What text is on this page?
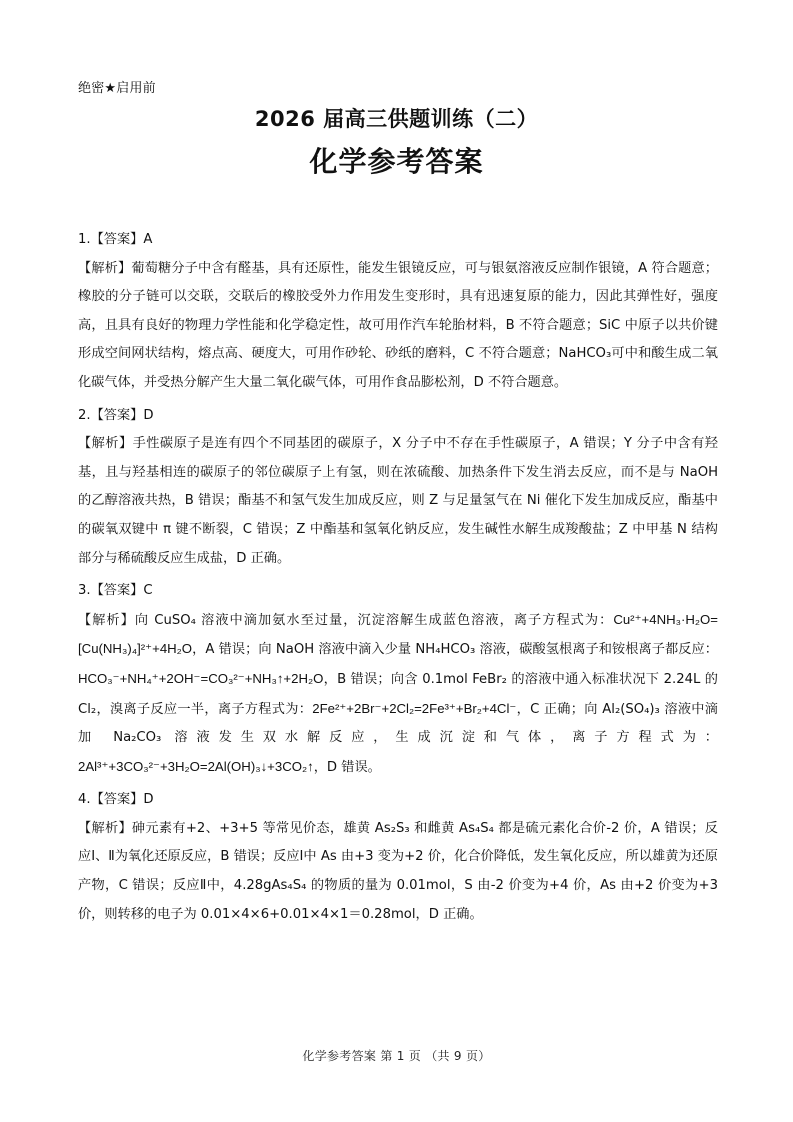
绝密★启用前
2026 届高三供题训练（二）
化学参考答案

1.【答案】A

【解析】葡萄糖分子中含有醛基，具有还原性，能发生银镜反应，可与银氨溶液反应制作银镜，A 符合题意；橡胶的分子链可以交联，交联后的橡胶受外力作用发生变形时，具有迅速复原的能力，因此其弹性好，强度高，且具有良好的物理力学性能和化学稳定性，故可用作汽车轮胎材料，B 不符合题意；SiC 中原子以共价键形成空间网状结构，熔点高、硬度大，可用作砂轮、砂纸的磨料，C 不符合题意；NaHCO₃可中和酸生成二氧化碳气体，并受热分解产生大量二氧化碳气体，可用作食品膨松剂，D 不符合题意。

2.【答案】D

【解析】手性碳原子是连有四个不同基团的碳原子，X 分子中不存在手性碳原子，A 错误；Y 分子中含有羟基，且与羟基相连的碳原子的邻位碳原子上有氢，则在浓硫酸、加热条件下发生消去反应，而不是与 NaOH 的乙醇溶液共热，B 错误；酯基不和氢气发生加成反应，则 Z 与足量氢气在 Ni 催化下发生加成反应，酯基中的碳氧双键中 π 键不断裂，C 错误；Z 中酯基和氢氧化钠反应，发生碱性水解生成羧酸盐；Z 中甲基 N 结构部分与稀硫酸反应生成盐，D 正确。

3.【答案】C

【解析】向 CuSO₄ 溶液中滴加氨水至过量，沉淀溶解生成蓝色溶液，离子方程式为：Cu²⁺+4NH₃·H₂O=[Cu(NH₃)₄]²⁺+4H₂O，A 错误；向 NaOH 溶液中滴入少量 NH₄HCO₃ 溶液，碳酸氢根离子和铵根离子都反应：HCO₃⁻+NH₄⁺+2OH⁻=CO₃²⁻+NH₃↑+2H₂O，B 错误；向含 0.1mol FeBr₂ 的溶液中通入标准状况下 2.24L 的 Cl₂，溴离子反应一半，离子方程式为：2Fe²⁺+2Br⁻+2Cl₂=2Fe³⁺+Br₂+4Cl⁻，C 正确；向 Al₂(SO₄)₃ 溶液中滴加 Na₂CO₃ 溶液发生双水解反应，生成沉淀和气体，离子方程式为：2Al³⁺+3CO₃²⁻+3H₂O=2Al(OH)₃↓+3CO₂↑，D 错误。

4.【答案】D

【解析】砷元素有+2、+3+5 等常见价态，雄黄 As₂S₃ 和雌黄 As₄S₄ 都是硫元素化合价-2 价，A 错误；反应Ⅰ、Ⅱ为氧化还原反应，B 错误；反应Ⅰ中 As 由+3 变为+2 价，化合价降低，发生氧化反应，所以雄黄为还原产物，C 错误；反应Ⅱ中，4.28gAs₄S₄ 的物质的量为 0.01mol，S 由-2 价变为+4 价，As 由+2 价变为+3 价，则转移的电子为 0.01×4×6+0.01×4×1＝0.28mol，D 正确。

化学参考答案 第 1 页 （共 9 页）
